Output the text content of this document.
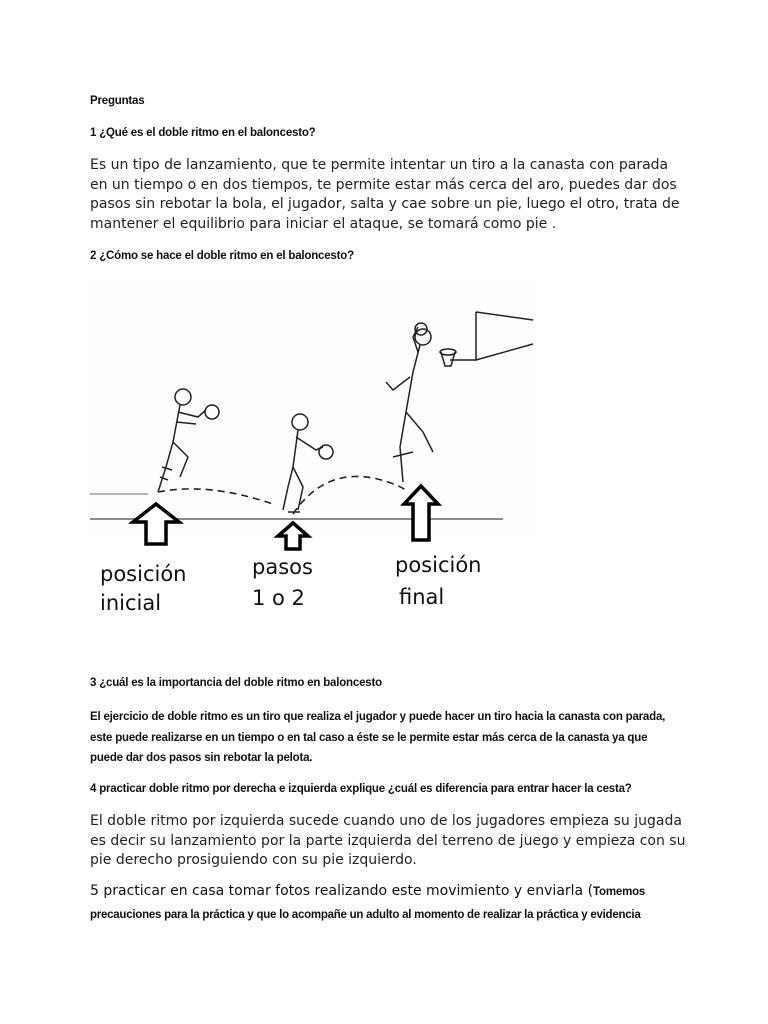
Preguntas
1 ¿Qué es el doble ritmo en el baloncesto?
Es un tipo de lanzamiento, que te permite intentar un tiro a la canasta con parada en un tiempo o en dos tiempos, te permite estar más cerca del aro, puedes dar dos pasos sin rebotar la bola, el jugador, salta y cae sobre un pie, luego el otro, trata de mantener el equilibrio para iniciar el ataque, se tomará como pie .
2 ¿Cómo se hace el doble ritmo en el baloncesto?
posición
inicial
pasos
1 o 2
posición
final
3 ¿cuál es la importancia del doble ritmo en baloncesto
El ejercicio de doble ritmo es un tiro que realiza el jugador y puede hacer un tiro hacia la canasta con parada, este puede realizarse en un tiempo o en tal caso a éste se le permite estar más cerca de la canasta ya que puede dar dos pasos sin rebotar la pelota.
4 practicar doble ritmo por derecha e izquierda explique ¿cuál es diferencia para entrar hacer la cesta?
El doble ritmo por izquierda sucede cuando uno de los jugadores empieza su jugada es decir su lanzamiento por la parte izquierda del terreno de juego y empieza con su pie derecho prosiguiendo con su pie izquierdo.
5 practicar en casa tomar fotos realizando este movimiento y enviarla (Tomemos
precauciones para la práctica y que lo acompañe un adulto al momento de realizar la práctica y evidencia
